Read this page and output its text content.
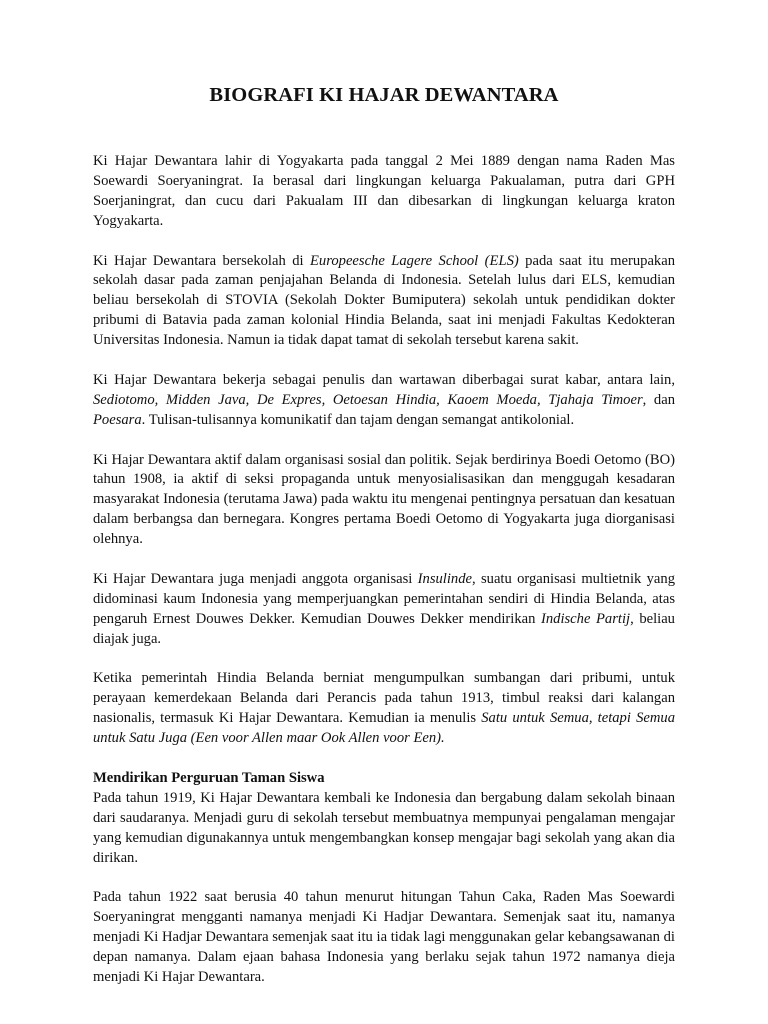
BIOGRAFI KI HAJAR DEWANTARA

Ki Hajar Dewantara lahir di Yogyakarta pada tanggal 2 Mei 1889 dengan nama Raden Mas Soewardi Soeryaningrat. Ia berasal dari lingkungan keluarga Pakualaman, putra dari GPH Soerjaningrat, dan cucu dari Pakualam III dan dibesarkan di lingkungan keluarga kraton Yogyakarta.

Ki Hajar Dewantara bersekolah di Europeesche Lagere School (ELS) pada saat itu merupakan sekolah dasar pada zaman penjajahan Belanda di Indonesia. Setelah lulus dari ELS, kemudian beliau bersekolah di STOVIA (Sekolah Dokter Bumiputera) sekolah untuk pendidikan dokter pribumi di Batavia pada zaman kolonial Hindia Belanda, saat ini menjadi Fakultas Kedokteran Universitas Indonesia. Namun ia tidak dapat tamat di sekolah tersebut karena sakit.

Ki Hajar Dewantara bekerja sebagai penulis dan wartawan diberbagai surat kabar, antara lain, Sediotomo, Midden Java, De Expres, Oetoesan Hindia, Kaoem Moeda, Tjahaja Timoer, dan Poesara. Tulisan-tulisannya komunikatif dan tajam dengan semangat antikolonial.

Ki Hajar Dewantara aktif dalam organisasi sosial dan politik. Sejak berdirinya Boedi Oetomo (BO) tahun 1908, ia aktif di seksi propaganda untuk menyosialisasikan dan menggugah kesadaran masyarakat Indonesia (terutama Jawa) pada waktu itu mengenai pentingnya persatuan dan kesatuan dalam berbangsa dan bernegara. Kongres pertama Boedi Oetomo di Yogyakarta juga diorganisasi olehnya.

Ki Hajar Dewantara juga menjadi anggota organisasi Insulinde, suatu organisasi multietnik yang didominasi kaum Indonesia yang memperjuangkan pemerintahan sendiri di Hindia Belanda, atas pengaruh Ernest Douwes Dekker. Kemudian Douwes Dekker mendirikan Indische Partij, beliau diajak juga.

Ketika pemerintah Hindia Belanda berniat mengumpulkan sumbangan dari pribumi, untuk perayaan kemerdekaan Belanda dari Perancis pada tahun 1913, timbul reaksi dari kalangan nasionalis, termasuk Ki Hajar Dewantara. Kemudian ia menulis Satu untuk Semua, tetapi Semua untuk Satu Juga (Een voor Allen maar Ook Allen voor Een).

Mendirikan Perguruan Taman Siswa

Pada tahun 1919, Ki Hajar Dewantara kembali ke Indonesia dan bergabung dalam sekolah binaan dari saudaranya. Menjadi guru di sekolah tersebut membuatnya mempunyai pengalaman mengajar yang kemudian digunakannya untuk mengembangkan konsep mengajar bagi sekolah yang akan dia dirikan.

Pada tahun 1922 saat berusia 40 tahun menurut hitungan Tahun Caka, Raden Mas Soewardi Soeryaningrat mengganti namanya menjadi Ki Hadjar Dewantara. Semenjak saat itu, namanya menjadi Ki Hadjar Dewantara semenjak saat itu ia tidak lagi menggunakan gelar kebangsawanan di depan namanya. Dalam ejaan bahasa Indonesia yang berlaku sejak tahun 1972 namanya dieja menjadi Ki Hajar Dewantara.
